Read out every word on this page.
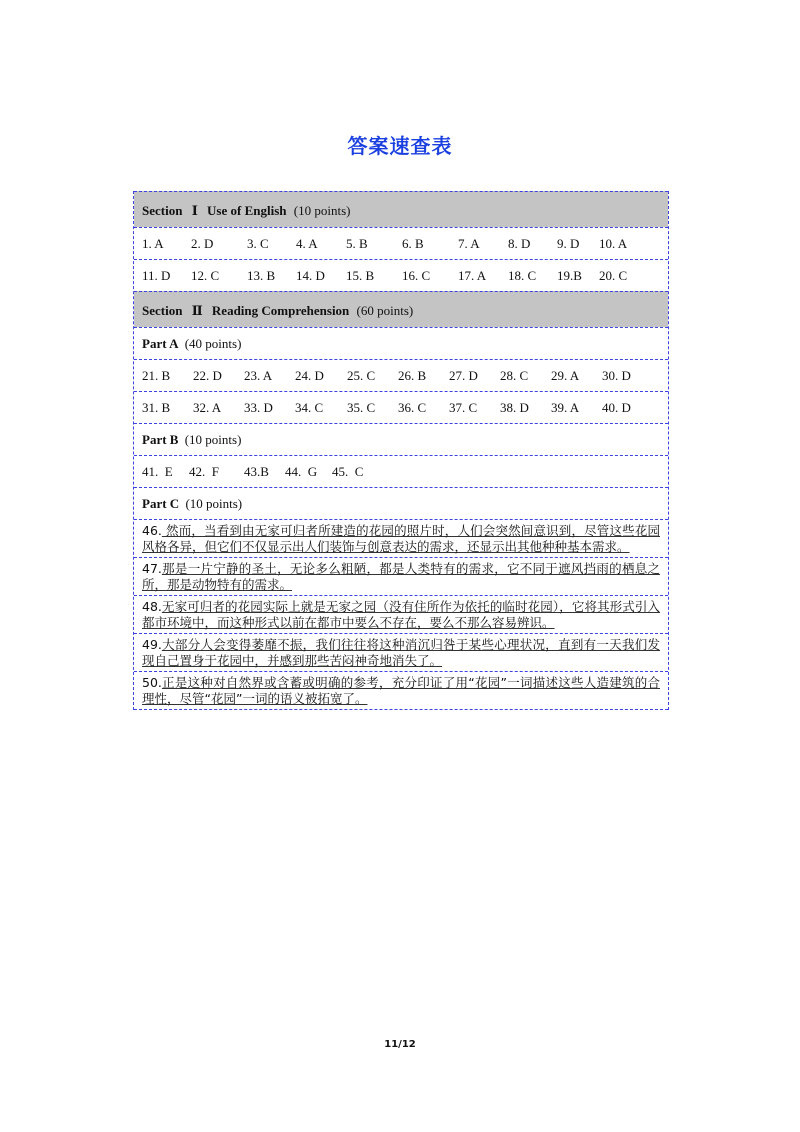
答案速查表
Section Ⅰ Use of English (10 points)
1. A	2. D	3. C	4. A	5. B	6. B	7. A	8. D	9. D	10. A
11. D	12. C	13. B	14. D	15. B	16. C	17. A	18. C	19.B	20. C
Section Ⅱ Reading Comprehension (60 points)
Part A (40 points)
21. B	22. D	23. A	24. D	25. C	26. B	27. D	28. C	29. A	30. D
31. B	32. A	33. D	34. C	35. C	36. C	37. C	38. D	39. A	40. D
Part B (10 points)
41.  E	42.  F	43.B	44.  G	45.  C
Part C (10 points)
46. 然而，当看到由无家可归者所建造的花园的照片时，人们会突然间意识到，尽管这些花园风格各异，但它们不仅显示出人们装饰与创意表达的需求，还显示出其他种种基本需求。
47.那是一片宁静的圣土，无论多么粗陋，都是人类特有的需求，它不同于遮风挡雨的栖息之所，那是动物特有的需求。
48.无家可归者的花园实际上就是无家之园（没有住所作为依托的临时花园），它将其形式引入都市环境中，而这种形式以前在都市中要么不存在，要么不那么容易辨识。
49.大部分人会变得萎靡不振，我们往往将这种消沉归咎于某些心理状况，直到有一天我们发现自己置身于花园中，并感到那些苦闷神奇地消失了。
50.正是这种对自然界或含蓄或明确的参考，充分印证了用“花园”一词描述这些人造建筑的合理性，尽管“花园”一词的语义被拓宽了。
11/12
